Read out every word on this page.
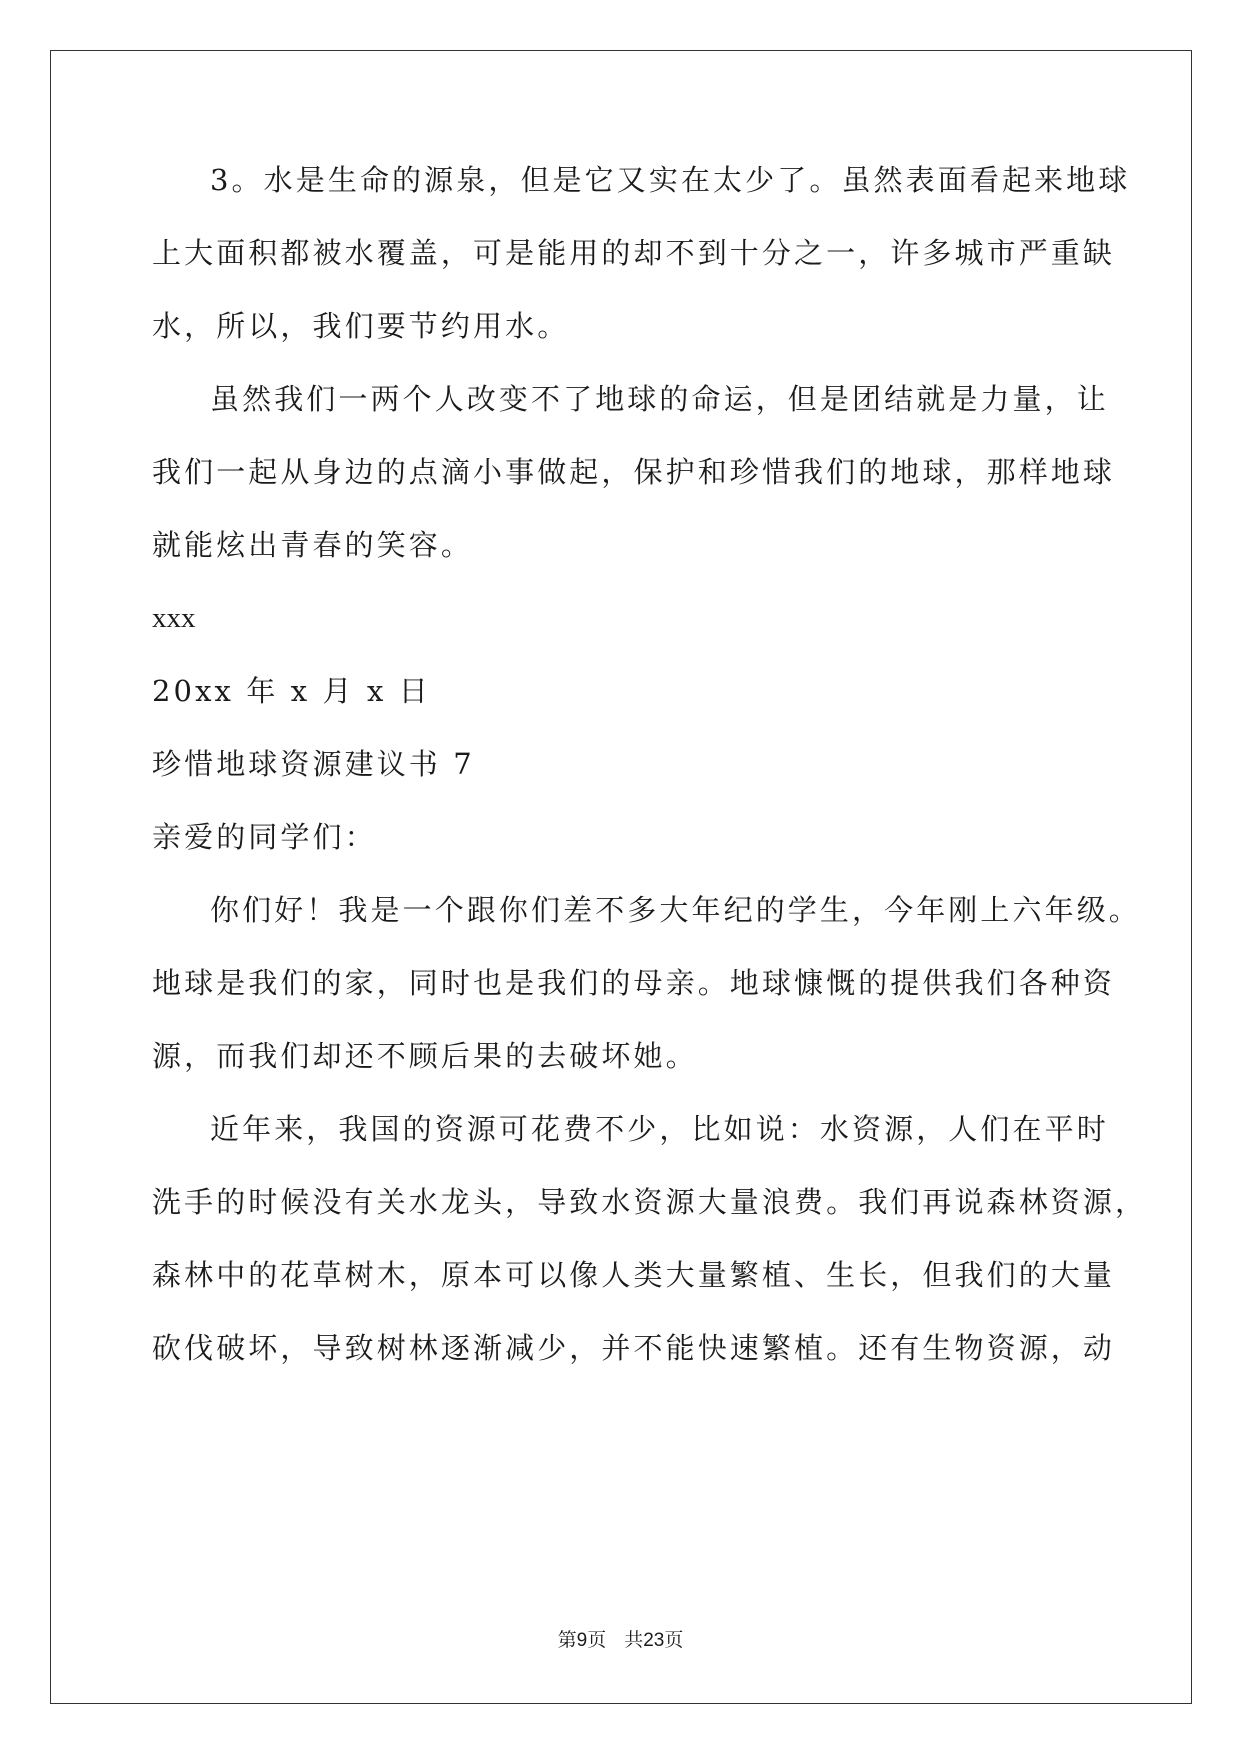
3。水是生命的源泉，但是它又实在太少了。虽然表面看起来地球
上大面积都被水覆盖，可是能用的却不到十分之一，许多城市严重缺
水，所以，我们要节约用水。
虽然我们一两个人改变不了地球的命运，但是团结就是力量，让
我们一起从身边的点滴小事做起，保护和珍惜我们的地球，那样地球
就能炫出青春的笑容。
xxx
20xx 年 x 月 x 日
珍惜地球资源建议书 7
亲爱的同学们：
你们好！我是一个跟你们差不多大年纪的学生，今年刚上六年级。
地球是我们的家，同时也是我们的母亲。地球慷慨的提供我们各种资
源，而我们却还不顾后果的去破坏她。
近年来，我国的资源可花费不少，比如说：水资源，人们在平时
洗手的时候没有关水龙头，导致水资源大量浪费。我们再说森林资源，
森林中的花草树木，原本可以像人类大量繁植、生长，但我们的大量
砍伐破坏，导致树林逐渐减少，并不能快速繁植。还有生物资源，动
第9页 共23页
